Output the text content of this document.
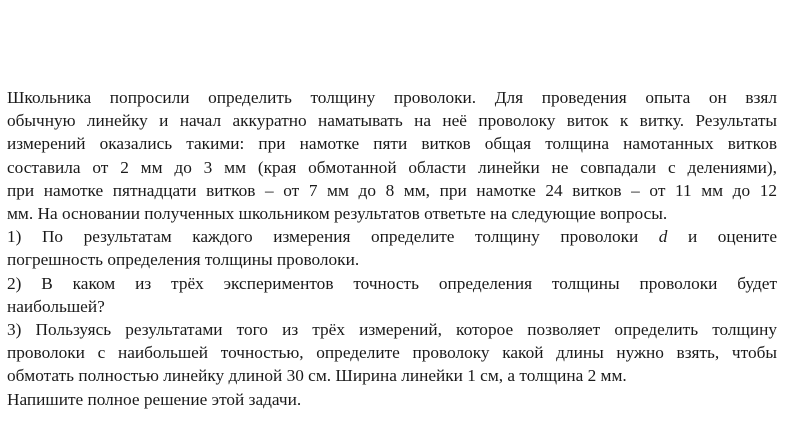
Школьника попросили определить толщину проволоки. Для проведения опыта он взял
обычную линейку и начал аккуратно наматывать на неё проволоку виток к витку. Результаты
измерений оказались такими: при намотке пяти витков общая толщина намотанных витков
составила от 2 мм до 3 мм (края обмотанной области линейки не совпадали с делениями),
при намотке пятнадцати витков – от 7 мм до 8 мм, при намотке 24 витков – от 11 мм до 12
мм. На основании полученных школьником результатов ответьте на следующие вопросы.
1) По результатам каждого измерения определите толщину проволоки d и оцените
погрешность определения толщины проволоки.
2) В каком из трёх экспериментов точность определения толщины проволоки будет
наибольшей?
3) Пользуясь результатами того из трёх измерений, которое позволяет определить толщину
проволоки с наибольшей точностью, определите проволоку какой длины нужно взять, чтобы
обмотать полностью линейку длиной 30 см. Ширина линейки 1 см, а толщина 2 мм.
Напишите полное решение этой задачи.
